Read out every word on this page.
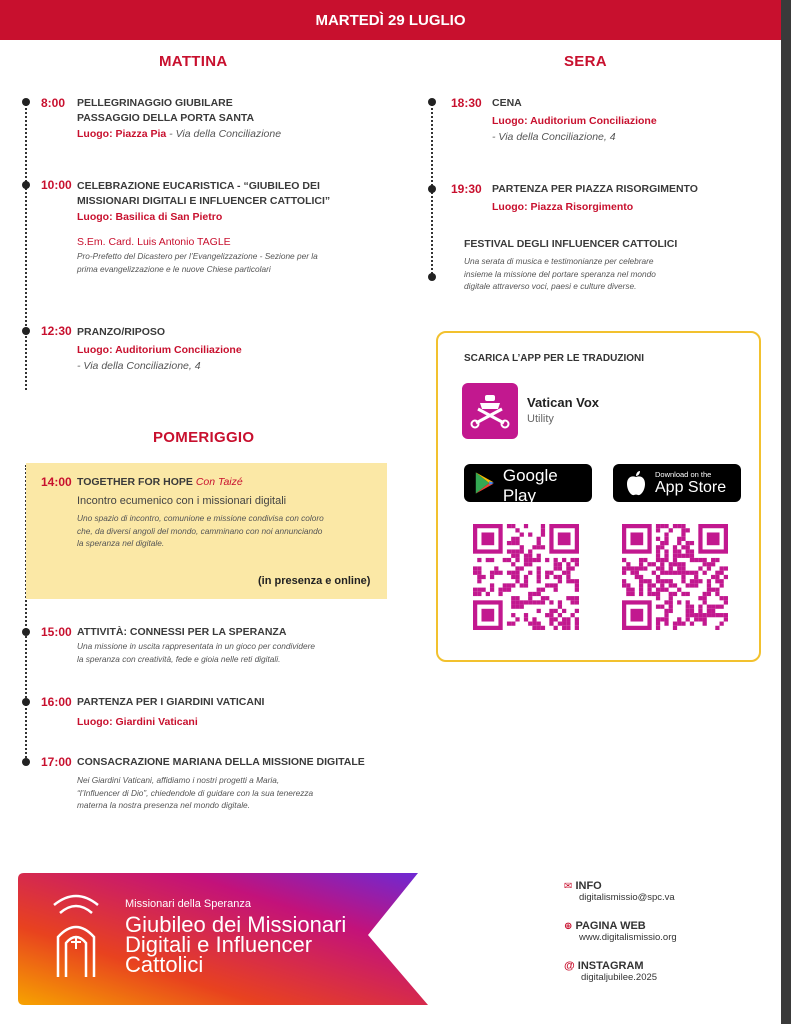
MARTEDÌ 29 LUGLIO
MATTINA	SERA
POMERIGGIO
8:00 PELLEGRINAGGIO GIUBILARE
PASSAGGIO DELLA PORTA SANTA
Luogo: Piazza Pia - Via della Conciliazione
10:00 CELEBRAZIONE EUCARISTICA - “GIUBILEO DEI
MISSIONARI DIGITALI E INFLUENCER CATTOLICI”
Luogo: Basilica di San Pietro
S.Em. Card. Luis Antonio TAGLE
Pro-Prefetto del Dicastero per l’Evangelizzazione - Sezione per la
prima evangelizzazione e le nuove Chiese particolari
12:30 PRANZO/RIPOSO
Luogo: Auditorium Conciliazione
- Via della Conciliazione, 4
14:00 TOGETHER FOR HOPE Con Taizé
Incontro ecumenico con i missionari digitali
Uno spazio di incontro, comunione e missione condivisa con coloro
che, da diversi angoli del mondo, camminano con noi annunciando
la speranza nel digitale.
(in presenza e online)
15:00 ATTIVITÀ: CONNESSI PER LA SPERANZA
Una missione in uscita rappresentata in un gioco per condividere
la speranza con creatività, fede e gioia nelle reti digitali.
16:00 PARTENZA PER I GIARDINI VATICANI
Luogo: Giardini Vaticani
17:00 CONSACRAZIONE MARIANA DELLA MISSIONE DIGITALE
Nei Giardini Vaticani, affidiamo i nostri progetti a Maria,
“l’Influencer di Dio”, chiedendole di guidare con la sua tenerezza
materna la nostra presenza nel mondo digitale.
18:30 CENA
Luogo: Auditorium Conciliazione
- Via della Conciliazione, 4
19:30 PARTENZA PER PIAZZA RISORGIMENTO
Luogo: Piazza Risorgimento
FESTIVAL DEGLI INFLUENCER CATTOLICI
Una serata di musica e testimonianze per celebrare
insieme la missione del portare speranza nel mondo
digitale attraverso voci, paesi e culture diverse.
SCARICA L’APP PER LE TRADUZIONI
Vatican Vox
Utility
GET IT ON
Google Play
Download on the
App Store
Missionari della Speranza
Giubileo dei Missionari
Digitali e Influencer
Cattolici
✉ INFO
digitalismissio@spc.va
⊕ PAGINA WEB
www.digitalismissio.org
@ INSTAGRAM
digitaljubilee.2025
